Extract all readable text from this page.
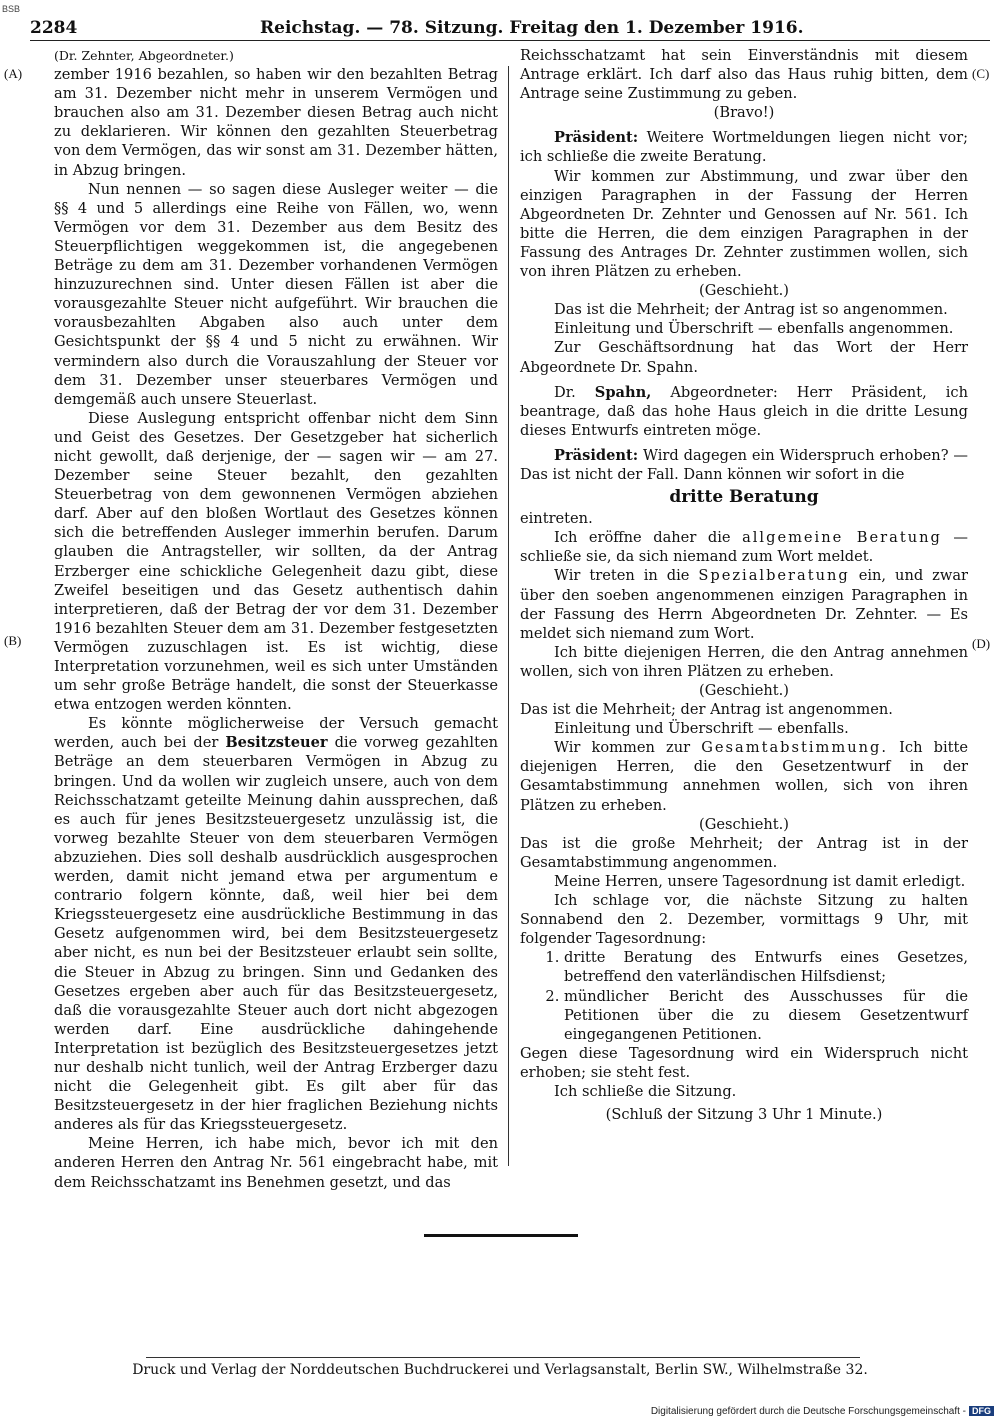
BSB
2284	Reichstag. — 78. Sitzung. Freitag den 1. Dezember 1916.
(A)
(B)
(C)
(D)

(Dr. Zehnter, Abgeordneter.)

zember 1916 bezahlen, so haben wir den bezahlten Betrag am 31. Dezember nicht mehr in unserem Vermögen und brauchen also am 31. Dezember diesen Betrag auch nicht zu deklarieren. Wir können den gezahlten Steuerbetrag von dem Vermögen, das wir sonst am 31. Dezember hätten, in Abzug bringen.

Nun nennen — so sagen diese Ausleger weiter — die §§ 4 und 5 allerdings eine Reihe von Fällen, wo, wenn Vermögen vor dem 31. Dezember aus dem Besitz des Steuerpflichtigen weggekommen ist, die angegebenen Beträge zu dem am 31. Dezember vorhandenen Vermögen hinzuzurechnen sind. Unter diesen Fällen ist aber die vorausgezahlte Steuer nicht aufgeführt. Wir brauchen die vorausbezahlten Abgaben also auch unter dem Gesichtspunkt der §§ 4 und 5 nicht zu erwähnen. Wir vermindern also durch die Vorauszahlung der Steuer vor dem 31. Dezember unser steuerbares Vermögen und demgemäß auch unsere Steuerlast.

Diese Auslegung entspricht offenbar nicht dem Sinn und Geist des Gesetzes. Der Gesetzgeber hat sicherlich nicht gewollt, daß derjenige, der — sagen wir — am 27. Dezember seine Steuer bezahlt, den gezahlten Steuerbetrag von dem gewonnenen Vermögen abziehen darf. Aber auf den bloßen Wortlaut des Gesetzes können sich die betreffenden Ausleger immerhin berufen. Darum glauben die Antragsteller, wir sollten, da der Antrag Erzberger eine schickliche Gelegenheit dazu gibt, diese Zweifel beseitigen und das Gesetz authentisch dahin interpretieren, daß der Betrag der vor dem 31. Dezember 1916 bezahlten Steuer dem am 31. Dezember festgesetzten Vermögen zuzuschlagen ist. Es ist wichtig, diese Interpretation vorzunehmen, weil es sich unter Umständen um sehr große Beträge handelt, die sonst der Steuerkasse etwa entzogen werden könnten.

Es könnte möglicherweise der Versuch gemacht werden, auch bei der Besitzsteuer die vorweg gezahlten Beträge an dem steuerbaren Vermögen in Abzug zu bringen. Und da wollen wir zugleich unsere, auch von dem Reichsschatzamt geteilte Meinung dahin aussprechen, daß es auch für jenes Besitzsteuergesetz unzulässig ist, die vorweg bezahlte Steuer von dem steuerbaren Vermögen abzuziehen. Dies soll deshalb ausdrücklich ausgesprochen werden, damit nicht jemand etwa per argumentum e contrario folgern könnte, daß, weil hier bei dem Kriegssteuergesetz eine ausdrückliche Bestimmung in das Gesetz aufgenommen wird, bei dem Besitzsteuergesetz aber nicht, es nun bei der Besitzsteuer erlaubt sein sollte, die Steuer in Abzug zu bringen. Sinn und Gedanken des Gesetzes ergeben aber auch für das Besitzsteuergesetz, daß die vorausgezahlte Steuer auch dort nicht abgezogen werden darf. Eine ausdrückliche dahingehende Interpretation ist bezüglich des Besitzsteuergesetzes jetzt nur deshalb nicht tunlich, weil der Antrag Erzberger dazu nicht die Gelegenheit gibt. Es gilt aber für das Besitzsteuergesetz in der hier fraglichen Beziehung nichts anderes als für das Kriegssteuergesetz.

Meine Herren, ich habe mich, bevor ich mit den anderen Herren den Antrag Nr. 561 eingebracht habe, mit dem Reichsschatzamt ins Benehmen gesetzt, und das

Reichsschatzamt hat sein Einverständnis mit diesem Antrage erklärt. Ich darf also das Haus ruhig bitten, dem Antrage seine Zustimmung zu geben.

(Bravo!)

Präsident: Weitere Wortmeldungen liegen nicht vor; ich schließe die zweite Beratung.

Wir kommen zur Abstimmung, und zwar über den einzigen Paragraphen in der Fassung der Herren Abgeordneten Dr. Zehnter und Genossen auf Nr. 561. Ich bitte die Herren, die dem einzigen Paragraphen in der Fassung des Antrages Dr. Zehnter zustimmen wollen, sich von ihren Plätzen zu erheben.

(Geschieht.)

Das ist die Mehrheit; der Antrag ist so angenommen.

Einleitung und Überschrift — ebenfalls angenommen.

Zur Geschäftsordnung hat das Wort der Herr Abgeordnete Dr. Spahn.

Dr. Spahn, Abgeordneter: Herr Präsident, ich beantrage, daß das hohe Haus gleich in die dritte Lesung dieses Entwurfs eintreten möge.

Präsident: Wird dagegen ein Widerspruch erhoben? — Das ist nicht der Fall. Dann können wir sofort in die

dritte Beratung

eintreten.

Ich eröffne daher die allgemeine Beratung — schließe sie, da sich niemand zum Wort meldet.

Wir treten in die Spezialberatung ein, und zwar über den soeben angenommenen einzigen Paragraphen in der Fassung des Herrn Abgeordneten Dr. Zehnter. — Es meldet sich niemand zum Wort.

Ich bitte diejenigen Herren, die den Antrag annehmen wollen, sich von ihren Plätzen zu erheben.

(Geschieht.)

Das ist die Mehrheit; der Antrag ist angenommen.

Einleitung und Überschrift — ebenfalls.

Wir kommen zur Gesamtabstimmung. Ich bitte diejenigen Herren, die den Gesetzentwurf in der Gesamtabstimmung annehmen wollen, sich von ihren Plätzen zu erheben.

(Geschieht.)

Das ist die große Mehrheit; der Antrag ist in der Gesamtabstimmung angenommen.

Meine Herren, unsere Tagesordnung ist damit erledigt.

Ich schlage vor, die nächste Sitzung zu halten Sonnabend den 2. Dezember, vormittags 9 Uhr, mit folgender Tagesordnung:

1. dritte Beratung des Entwurfs eines Gesetzes, betreffend den vaterländischen Hilfsdienst;
2. mündlicher Bericht des Ausschusses für die Petitionen über die zu diesem Gesetzentwurf eingegangenen Petitionen.

Gegen diese Tagesordnung wird ein Widerspruch nicht erhoben; sie steht fest.

Ich schließe die Sitzung.

(Schluß der Sitzung 3 Uhr 1 Minute.)

Druck und Verlag der Norddeutschen Buchdruckerei und Verlagsanstalt, Berlin SW., Wilhelmstraße 32.
Digitalisierung gefördert durch die Deutsche Forschungsgemeinschaft - DFG
